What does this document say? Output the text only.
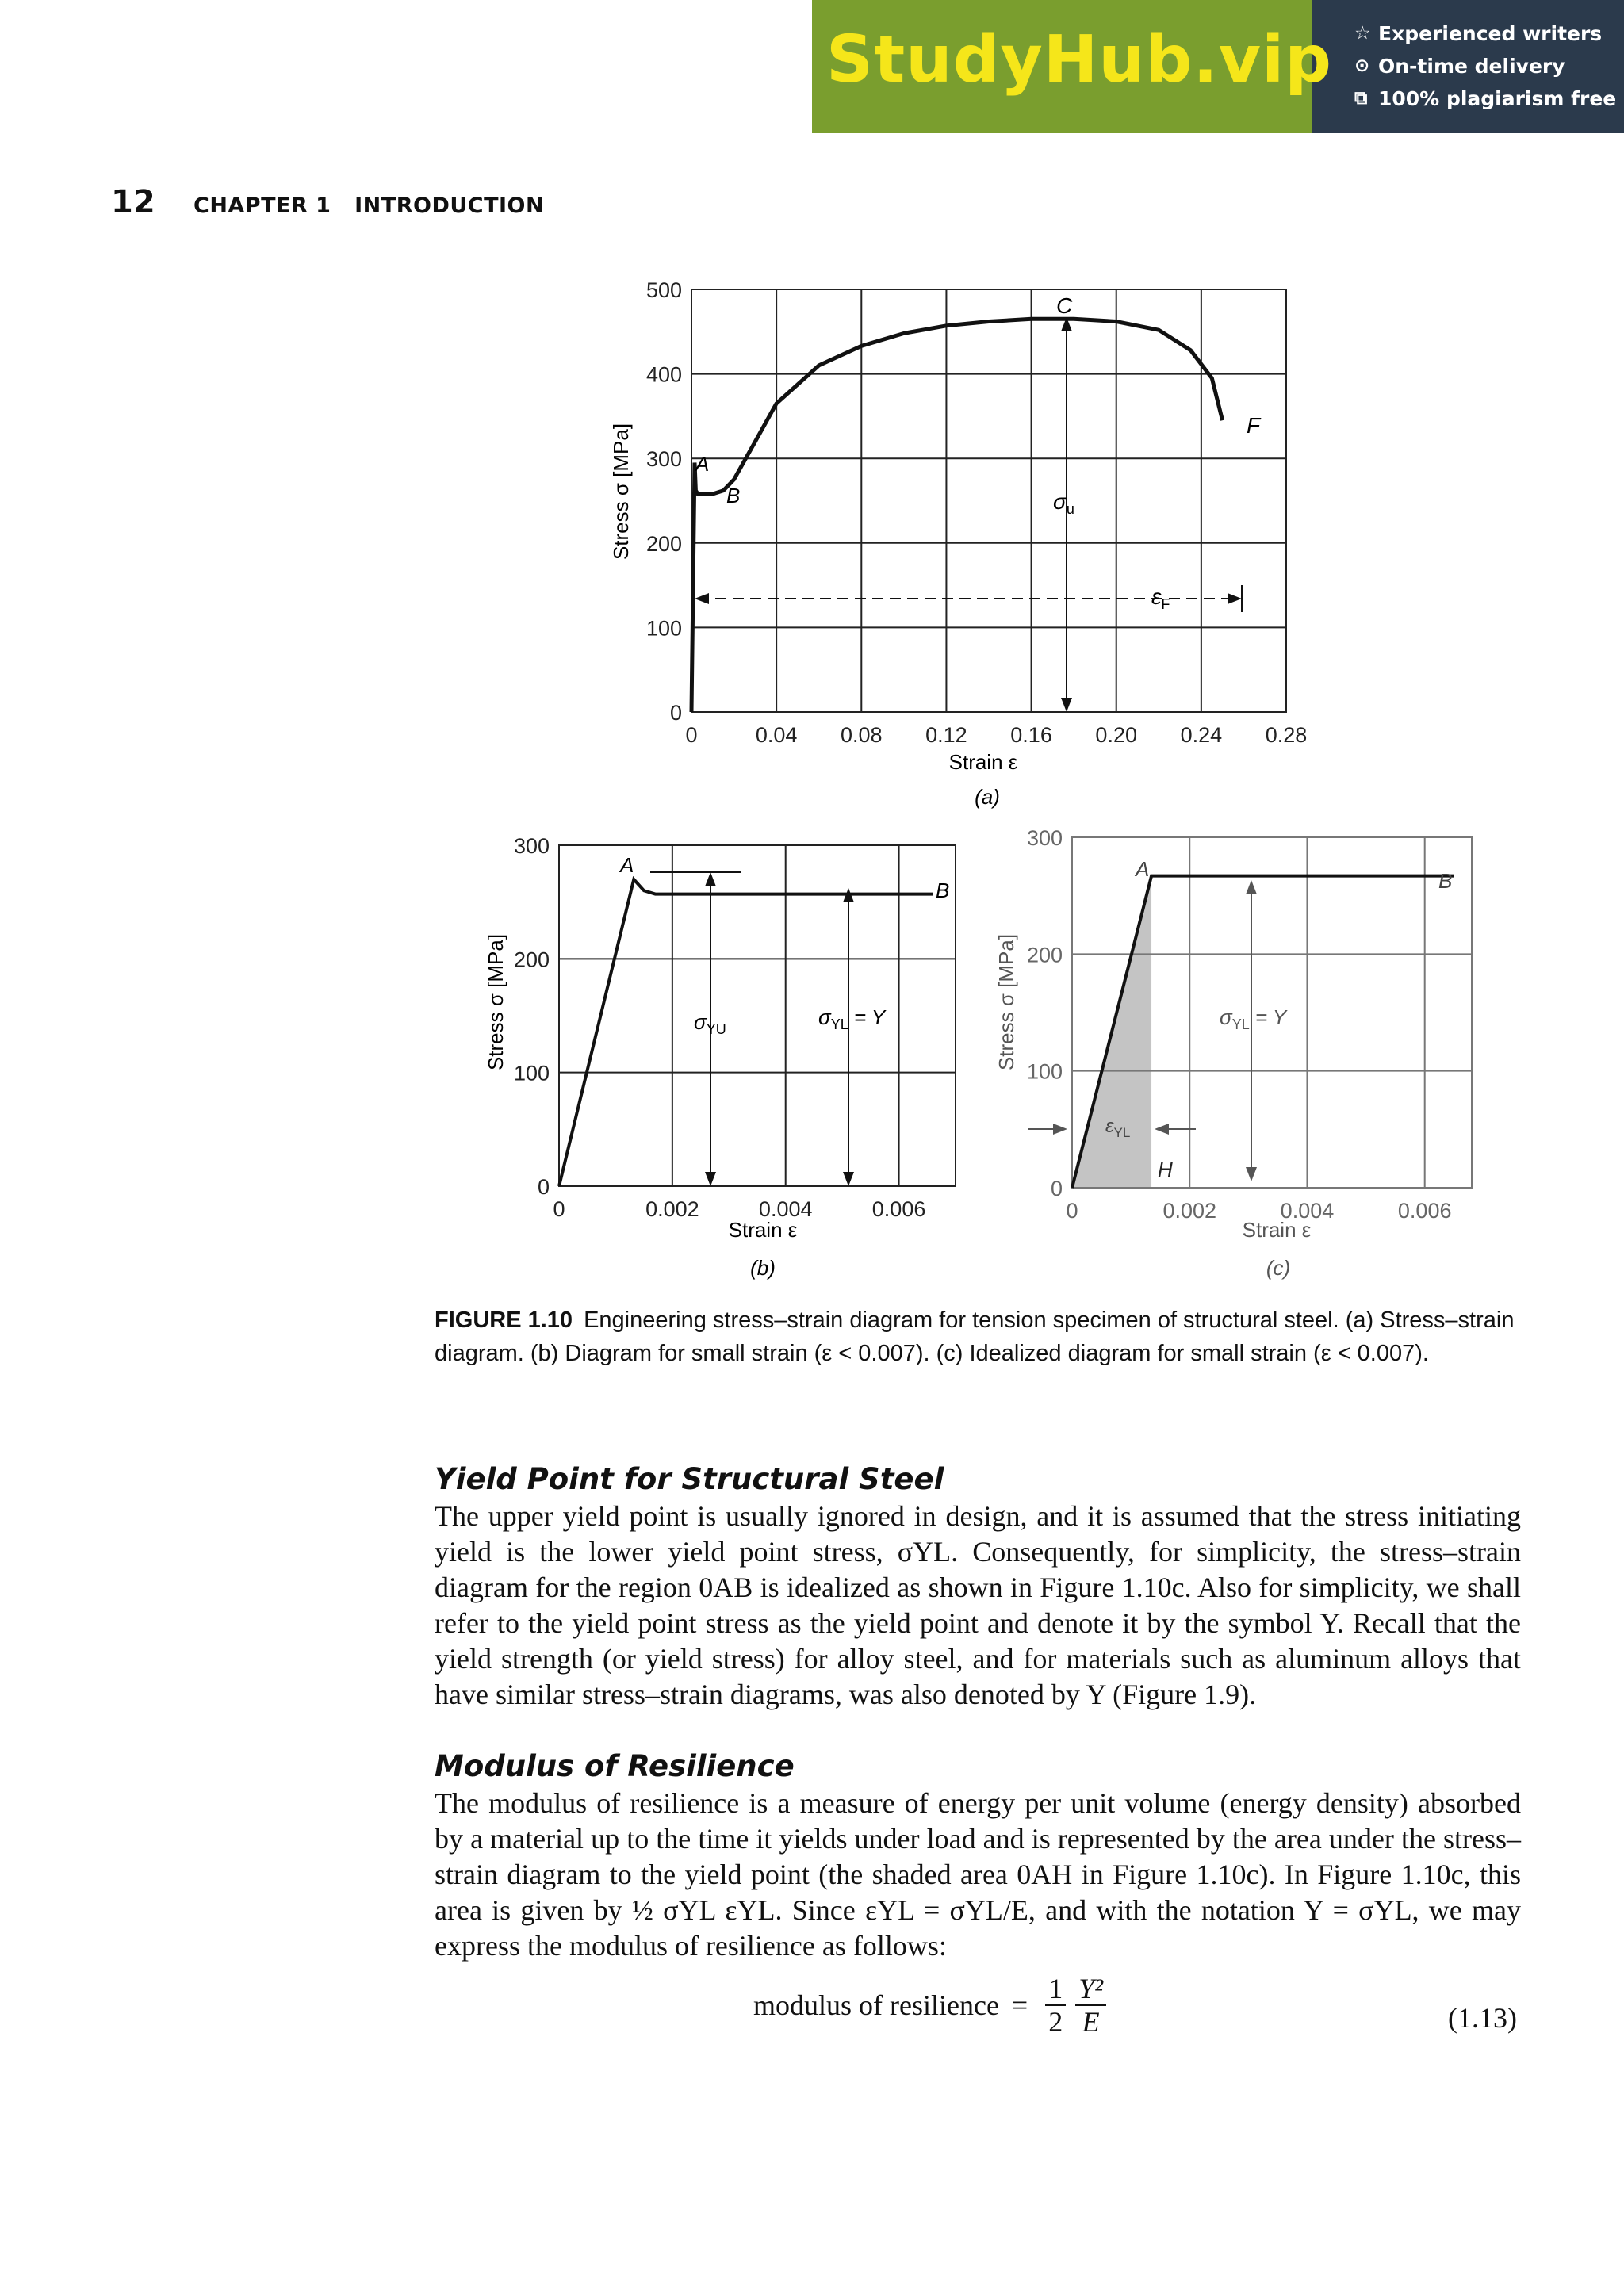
StudyHub.vip ☆ Experienced writers
⊙ On-time delivery
⧉ 100% plagiarism free
12 CHAPTER 1   INTRODUCTION
0	0.04 0.08 0.12 0.16 0.20 0.24 0.28
0
100
200
300
400
500
C
F
A
B	$\sigma_u$
$\varepsilon_F$
Strain ε
Stress σ [MPa]
(a)
0	0.002	0.004	0.006
0
100
200
300
A
B
$\sigma_{YU}$	$\sigma_{YL} = Y$
Strain ε
Stress σ [MPa]
(b)
0	0.002	0.004	0.006
0
100
200
300
A	B
H
$\sigma_{YL} = Y$
$\varepsilon_{YL}$
Strain ε
Stress σ [MPa]
(c)
FIGURE 1.10 Engineering stress–strain diagram for tension specimen of structural steel. (a) Stress–strain diagram. (b) Diagram for small strain (ε < 0.007). (c) Idealized diagram for small strain (ε < 0.007).
Yield Point for Structural Steel
The upper yield point is usually ignored in design, and it is assumed that the stress initiating yield is the lower yield point stress, σYL. Consequently, for simplicity, the stress–strain diagram for the region 0AB is idealized as shown in Figure 1.10c. Also for simplicity, we shall refer to the yield point stress as the yield point and denote it by the symbol Y. Recall that the yield strength (or yield stress) for alloy steel, and for materials such as aluminum alloys that have similar stress–strain diagrams, was also denoted by Y (Figure 1.9).
Modulus of Resilience
The modulus of resilience is a measure of energy per unit volume (energy density) absorbed by a material up to the time it yields under load and is represented by the area under the stress–strain diagram to the yield point (the shaded area 0AH in Figure 1.10c). In Figure 1.10c, this area is given by ½ σYL εYL. Since εYL = σYL/E, and with the notation Y = σYL, we may express the modulus of resilience as follows:
modulus of resilience = $\frac{1}{2} \frac{\text{Y²}}{E}$	(1.13)
